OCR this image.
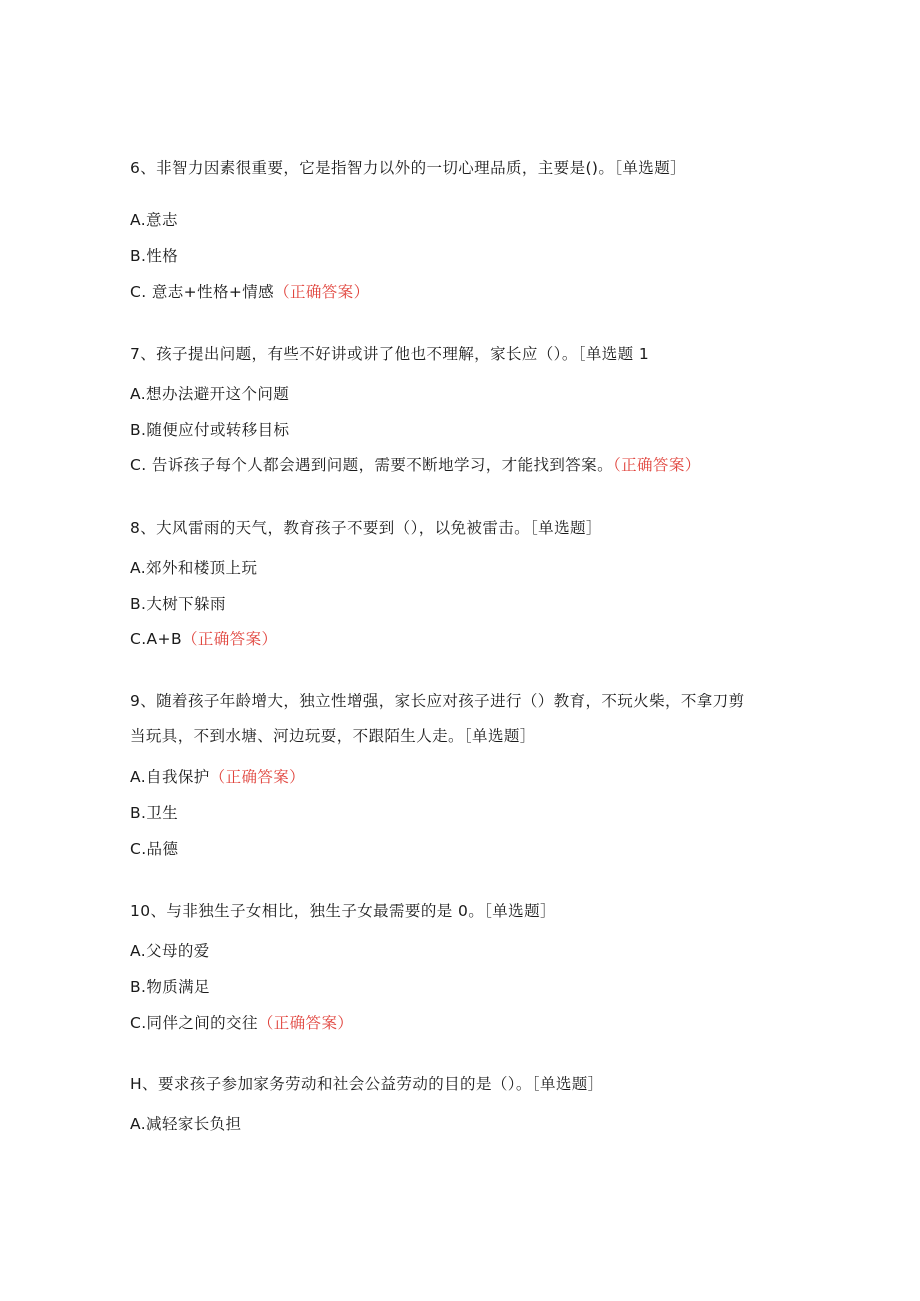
6、非智力因素很重要，它是指智力以外的一切心理品质，主要是()。［单选题］
A.意志
B.性格
C. 意志+性格+情感（正确答案）
7、孩子提出问题，有些不好讲或讲了他也不理解，家长应（）。［单选题 1
A.想办法避开这个问题
B.随便应付或转移目标
C. 告诉孩子每个人都会遇到问题，需要不断地学习，才能找到答案。（正确答案）
8、大风雷雨的天气，教育孩子不要到（），以免被雷击。［单选题］
A.郊外和楼顶上玩
B.大树下躲雨
C.A+B（正确答案）
9、随着孩子年龄增大，独立性增强，家长应对孩子进行（）教育，不玩火柴，不拿刀剪
当玩具，不到水塘、河边玩耍，不跟陌生人走。［单选题］
A.自我保护（正确答案）
B.卫生
C.品德
10、与非独生子女相比，独生子女最需要的是 0。［单选题］
A.父母的爱
B.物质满足
C.同伴之间的交往（正确答案）
H、要求孩子参加家务劳动和社会公益劳动的目的是（）。［单选题］
A.减轻家长负担
